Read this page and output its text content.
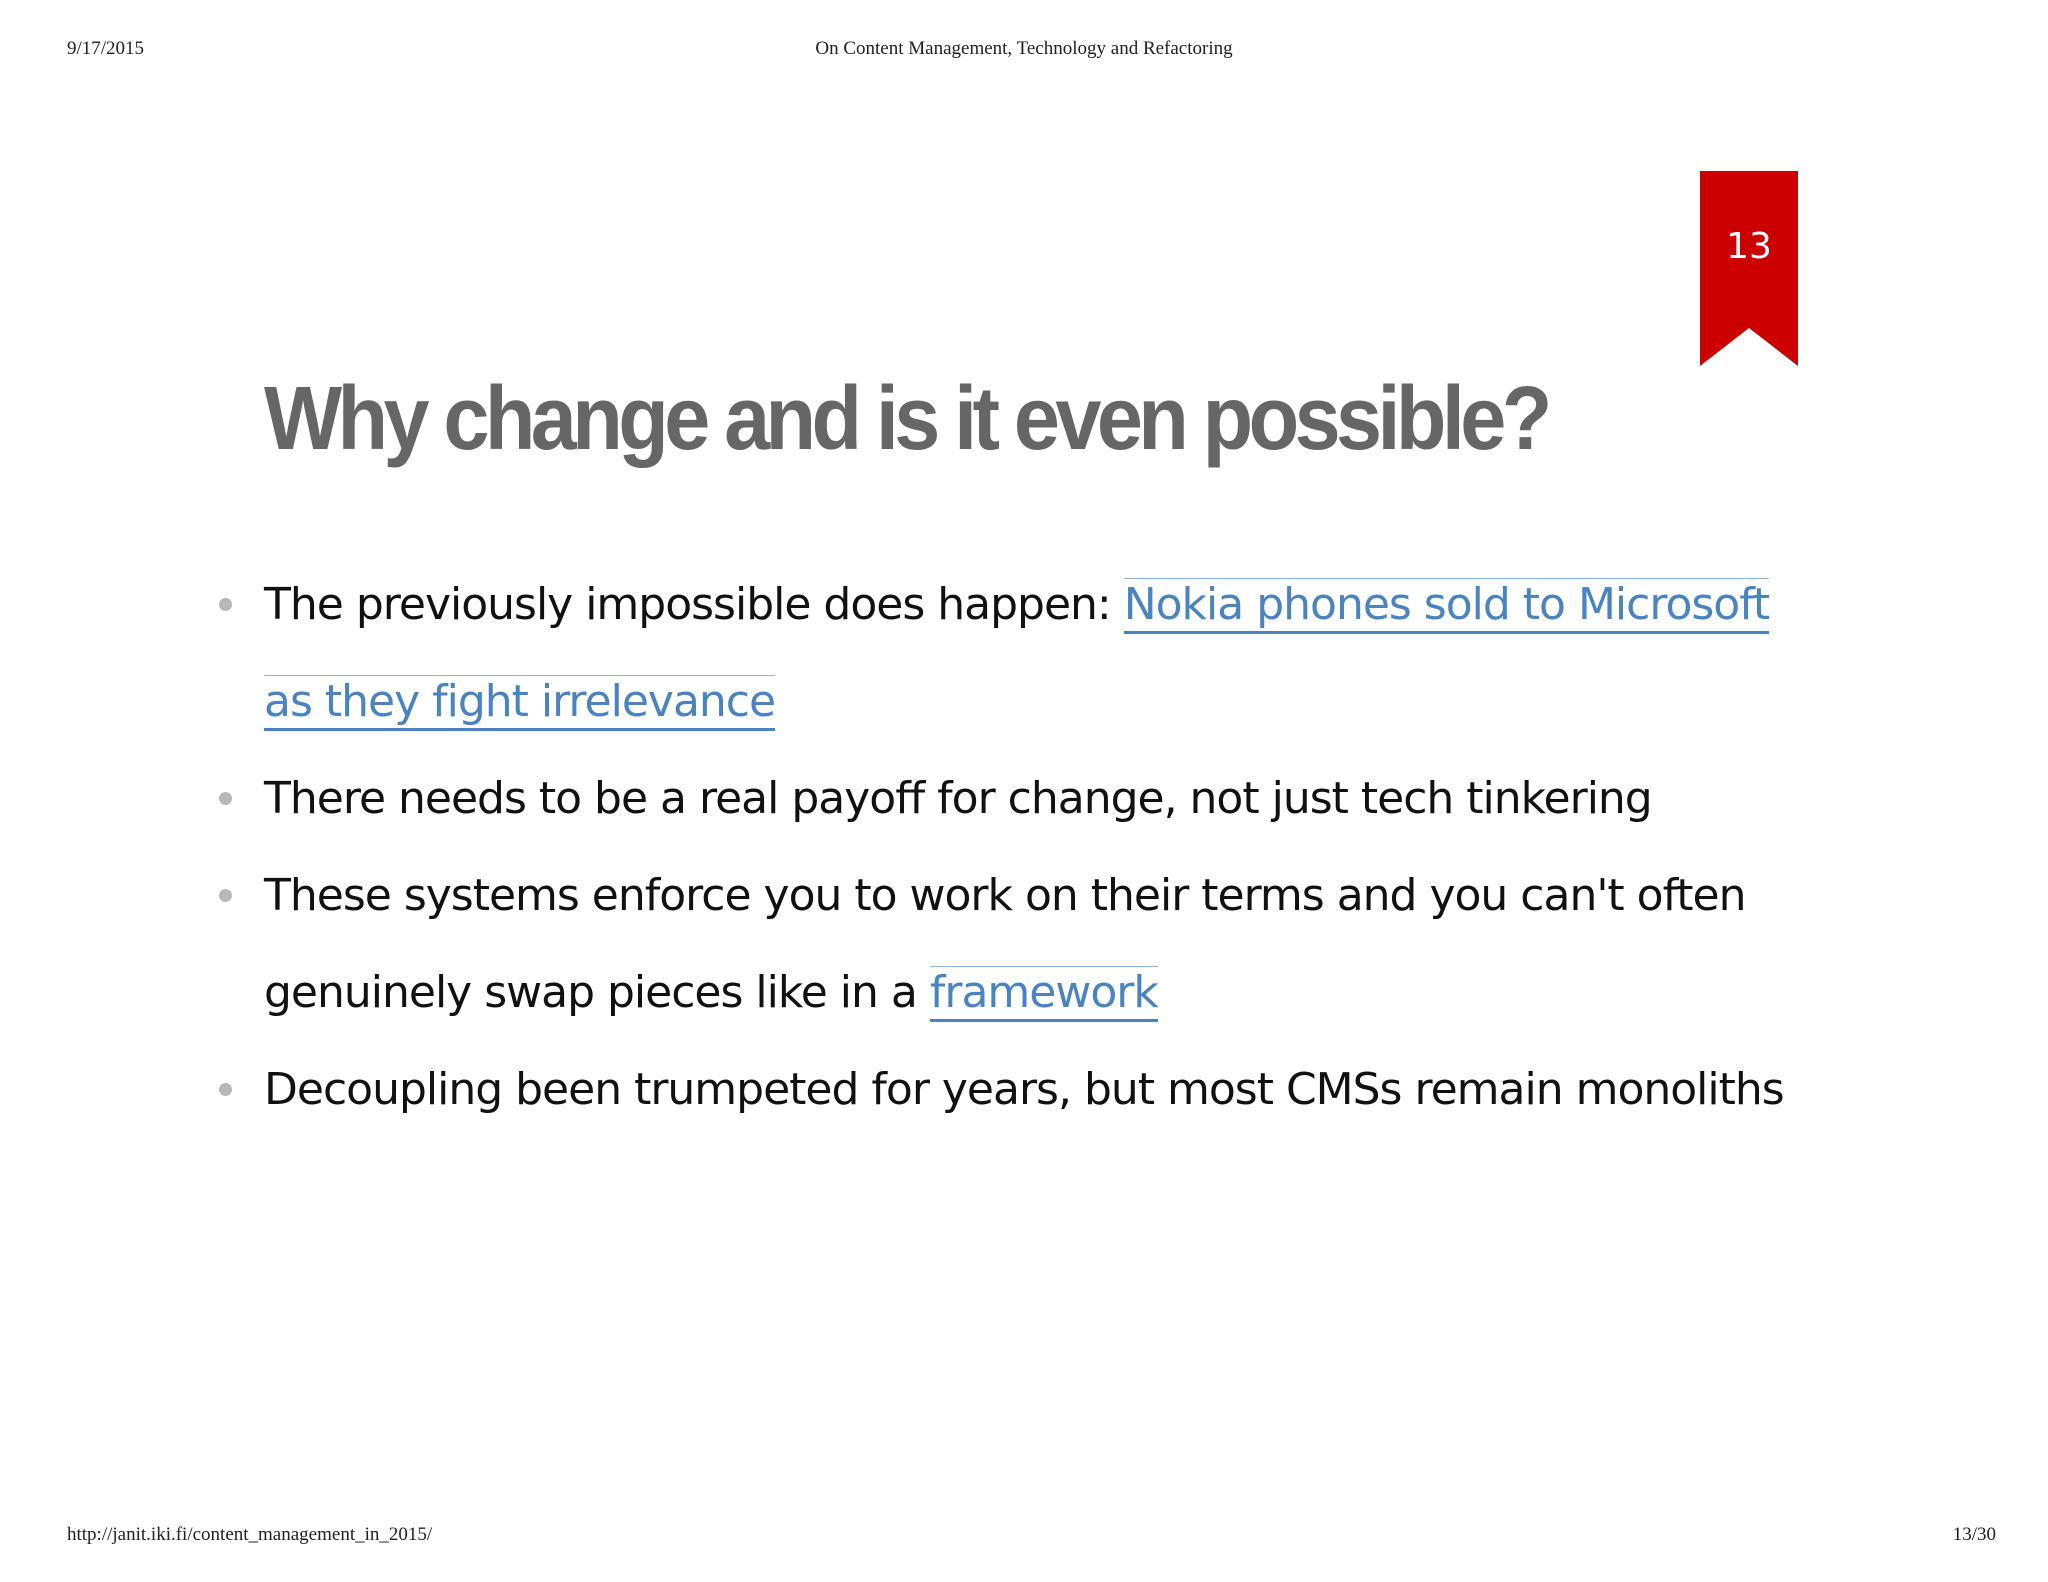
9/17/2015	On Content Management, Technology and Refactoring
13
Why change and is it even possible?
The previously impossible does happen: Nokia phones sold to Microsoft as they fight irrelevance
There needs to be a real payoff for change, not just tech tinkering
These systems enforce you to work on their terms and you can't often genuinely swap pieces like in a framework
Decoupling been trumpeted for years, but most CMSs remain monoliths
http://janit.iki.fi/content_management_in_2015/	13/30
